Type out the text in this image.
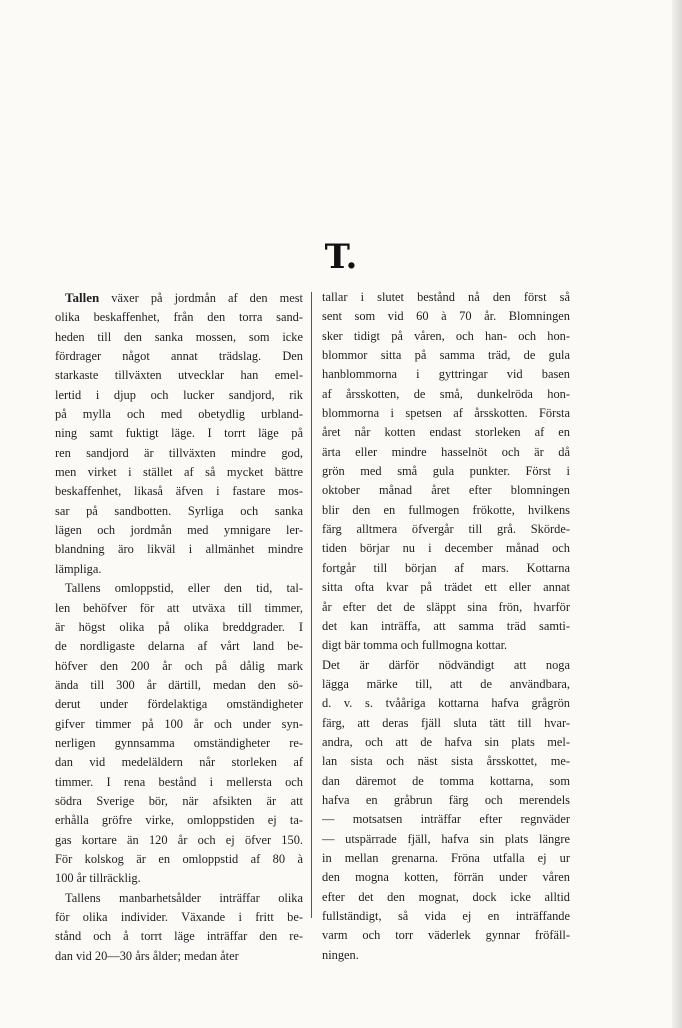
T.
Tallen växer på jordmån af den mest
olika beskaffenhet, från den torra sand-
heden till den sanka mossen, som icke
fördrager något annat trädslag. Den
starkaste tillväxten utvecklar han emel-
lertid i djup och lucker sandjord, rik
på mylla och med obetydlig urbland-
ning samt fuktigt läge. I torrt läge på
ren sandjord är tillväxten mindre god,
men virket i stället af så mycket bättre
beskaffenhet, likaså äfven i fastare mos-
sar på sandbotten. Syrliga och sanka
lägen och jordmån med ymnigare ler-
blandning äro likväl i allmänhet mindre
lämpliga.
Tallens omloppstid, eller den tid, tal-
len behöfver för att utväxa till timmer,
är högst olika på olika breddgrader. I
de nordligaste delarna af vårt land be-
höfver den 200 år och på dålig mark
ända till 300 år därtill, medan den sö-
derut under fördelaktiga omständigheter
gifver timmer på 100 år och under syn-
nerligen gynnsamma omständigheter re-
dan vid medeläldern når storleken af
timmer. I rena bestånd i mellersta och
södra Sverige bör, när afsikten är att
erhålla gröfre virke, omloppstiden ej ta-
gas kortare än 120 år och ej öfver 150.
För kolskog är en omloppstid af 80 à
100 år tillräcklig.
Tallens manbarhetsålder inträffar olika
för olika individer. Växande i fritt be-
stånd och å torrt läge inträffar den re-
dan vid 20—30 års ålder; medan åter
tallar i slutet bestånd nå den först så
sent som vid 60 à 70 år. Blomningen
sker tidigt på våren, och han- och hon-
blommor sitta på samma träd, de gula
hanblommorna i gyttringar vid basen
af årsskotten, de små, dunkelröda hon-
blommorna i spetsen af årsskotten. Första
året når kotten endast storleken af en
ärta eller mindre hasselnöt och är då
grön med små gula punkter. Först i
oktober månad året efter blomningen
blir den en fullmogen frökotte, hvilkens
färg alltmera öfvergår till grå. Skörde-
tiden börjar nu i december månad och
fortgår till början af mars. Kottarna
sitta ofta kvar på trädet ett eller annat
år efter det de släppt sina frön, hvarför
det kan inträffa, att samma träd samti-
digt bär tomma och fullmogna kottar.
Det är därför nödvändigt att noga
lägga märke till, att de användbara,
d. v. s. tvååriga kottarna hafva grågrön
färg, att deras fjäll sluta tätt till hvar-
andra, och att de hafva sin plats mel-
lan sista och näst sista årsskottet, me-
dan däremot de tomma kottarna, som
hafva en gråbrun färg och merendels
— motsatsen inträffar efter regnväder
— utspärrade fjäll, hafva sin plats längre
in mellan grenarna. Fröna utfalla ej ur
den mogna kotten, förrän under våren
efter det den mognat, dock icke alltid
fullständigt, så vida ej en inträffande
varm och torr väderlek gynnar fröfäll-
ningen.
